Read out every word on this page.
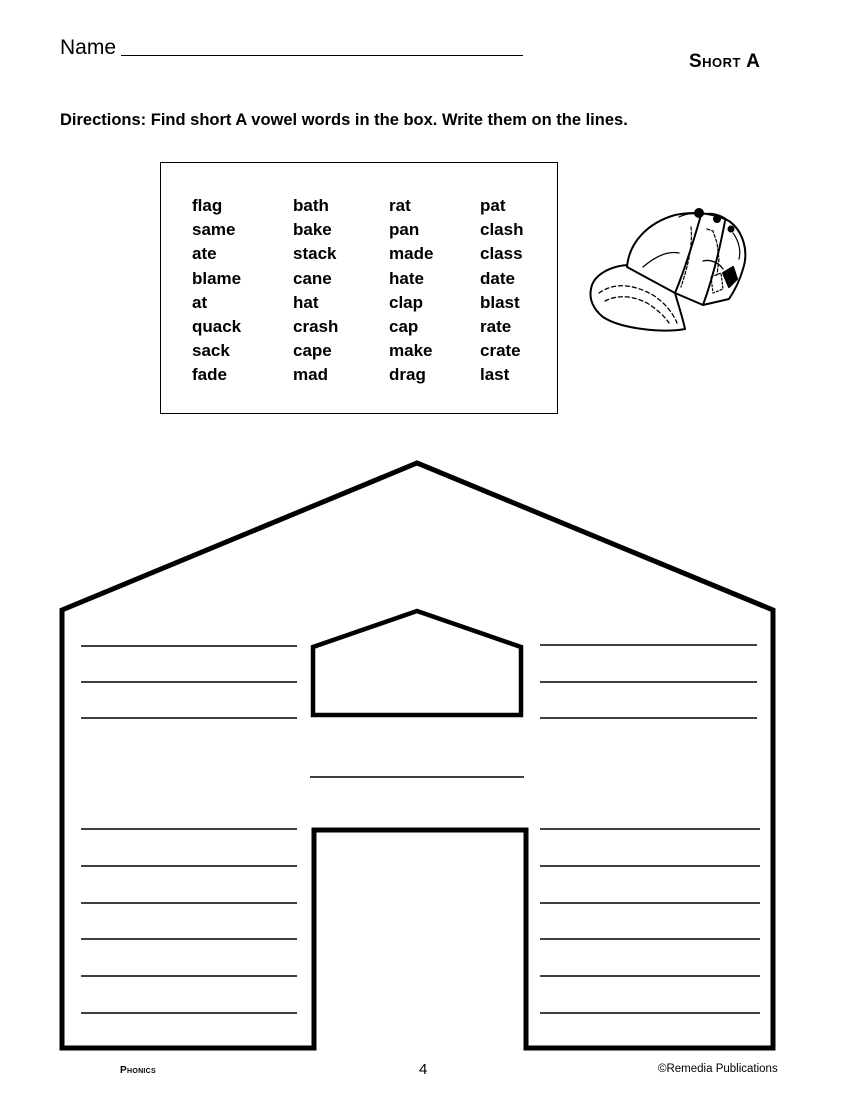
Name
Short A
Directions: Find short A vowel words in the box. Write them on the lines.
flag
same
ate
blame
at
quack
sack
fade
bath
bake
stack
cane
hat
crash
cape
mad
rat
pan
made
hate
clap
cap
make
drag
pat
clash
class
date
blast
rate
crate
last
Phonics	4	©Remedia Publications
